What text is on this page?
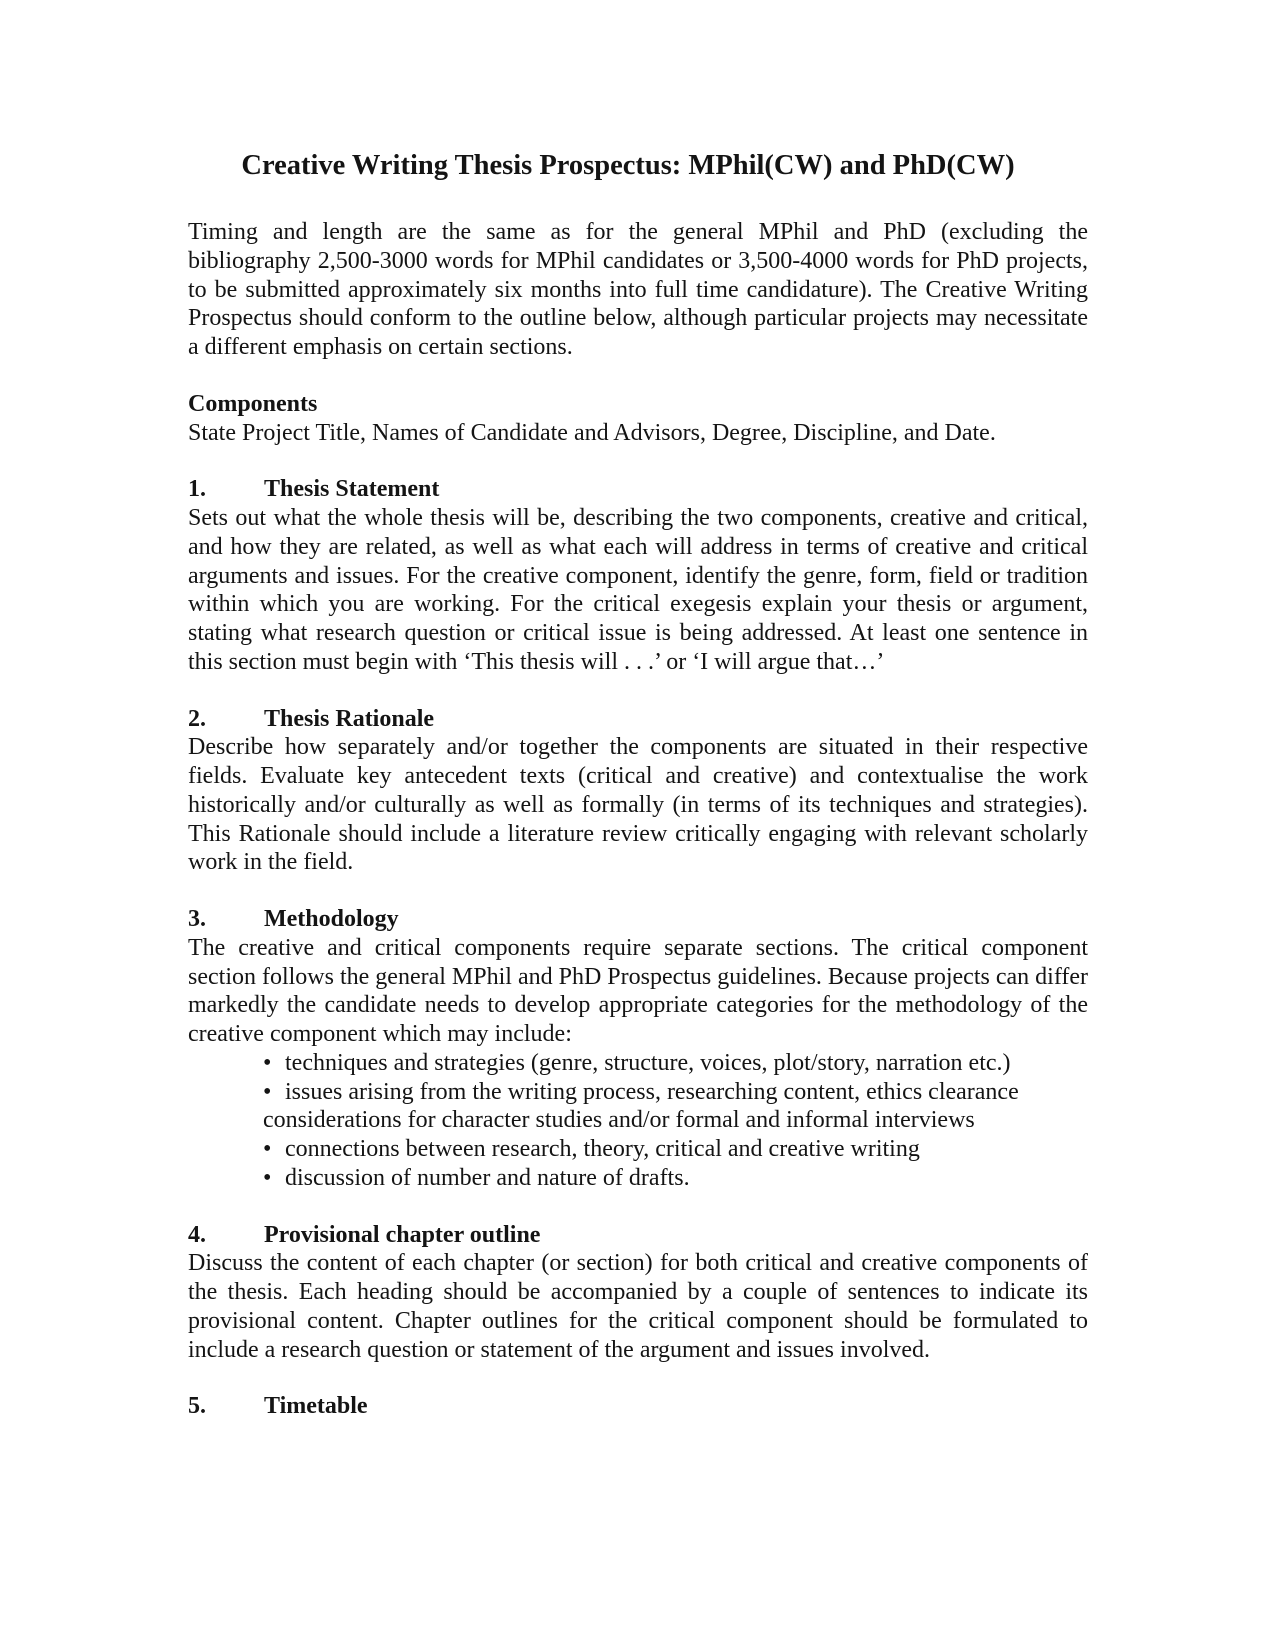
Creative Writing Thesis Prospectus: MPhil(CW) and PhD(CW)

Timing and length are the same as for the general MPhil and PhD (excluding the bibliography 2,500-3000 words for MPhil candidates or 3,500-4000 words for PhD projects, to be submitted approximately six months into full time candidature). The Creative Writing Prospectus should conform to the outline below, although particular projects may necessitate a different emphasis on certain sections.

Components

State Project Title, Names of Candidate and Advisors, Degree, Discipline, and Date.

1. Thesis Statement

Sets out what the whole thesis will be, describing the two components, creative and critical, and how they are related, as well as what each will address in terms of creative and critical arguments and issues. For the creative component, identify the genre, form, field or tradition within which you are working. For the critical exegesis explain your thesis or argument, stating what research question or critical issue is being addressed. At least one sentence in this section must begin with ‘This thesis will . . .’ or ‘I will argue that…’

2. Thesis Rationale

Describe how separately and/or together the components are situated in their respective fields. Evaluate key antecedent texts (critical and creative) and contextualise the work historically and/or culturally as well as formally (in terms of its techniques and strategies). This Rationale should include a literature review critically engaging with relevant scholarly work in the field.

3. Methodology

The creative and critical components require separate sections. The critical component section follows the general MPhil and PhD Prospectus guidelines. Because projects can differ markedly the candidate needs to develop appropriate categories for the methodology of the creative component which may include:

• techniques and strategies (genre, structure, voices, plot/story, narration etc.)
• issues arising from the writing process, researching content, ethics clearance
considerations for character studies and/or formal and informal interviews
• connections between research, theory, critical and creative writing
• discussion of number and nature of drafts.

4. Provisional chapter outline

Discuss the content of each chapter (or section) for both critical and creative components of the thesis. Each heading should be accompanied by a couple of sentences to indicate its provisional content. Chapter outlines for the critical component should be formulated to include a research question or statement of the argument and issues involved.

5. Timetable
